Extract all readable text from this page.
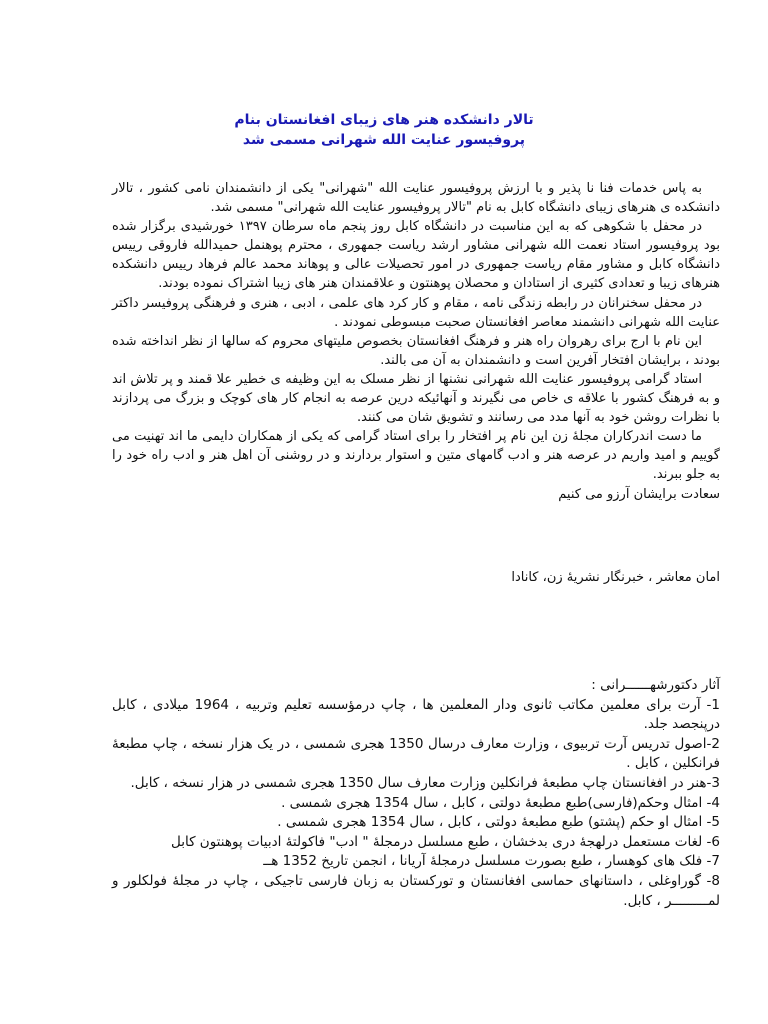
تالار دانشکده هنر های زیبای افغانستان بنام
پروفیسور عنایت الله شهرانی مسمی شد

به پاس خدمات فنا نا پذیر و با ارزش پروفیسور عنایت الله "شهرانی" یکی از دانشمندان نامی کشور ، تالار دانشکده ی هنرهای زیبای دانشگاه کابل به نام "تالار پروفیسور عنایت الله شهرانی" مسمی شد.

در محفل با شکوهی که به این مناسبت در دانشگاه کابل روز پنجم ماه سرطان ۱۳۹۷ خورشیدی برگزار شده بود پروفیسور استاد نعمت الله شهرانی مشاور ارشد ریاست جمهوری ، محترم پوهنمل حمیدالله فاروقی رییس دانشگاه کابل و مشاور مقام ریاست جمهوری در امور تحصیلات عالی و پوهاند محمد عالم فرهاد رییس دانشکده هنرهای زیبا و تعدادی کثیری از استادان و محصلان پوهنتون و علاقمندان هنر های زیبا اشتراک نموده بودند.

در محفل سخنرانان در رابطه زندگی نامه ، مقام و کار کرد های علمی ، ادبی ، هنری و فرهنگی پروفیسر داکتر عنایت الله شهرانی دانشمند معاصر افغانستان صحبت مبسوطی نمودند .

این نام با ارج برای رهروان راه هنر و فرهنگ افغانستان بخصوص ملیتهای محروم که سالها از نظر انداخته شده بودند ، برایشان افتخار آفرین است و دانشمندان به آن می بالند.

استاد گرامی پروفیسور عنایت الله شهرانی نشنها از نظر مسلک به این وظیفه ی خطیر علا قمند و پر تلاش اند و به فرهنگ کشور با علاقه ی خاص می نگیرند و آنهائیکه درین عرصه به انجام کار های کوچک و بزرگ می پردازند با نظرات روشن خود به آنها مدد می رسانند و تشویق شان می کنند.

ما دست اندرکاران مجلهٔ زن این نام پر افتخار را برای استاد گرامی که یکی از همکاران دایمی ما اند تهنیت می گوییم و امید واریم در عرصه هنر و ادب گامهای متین و استوار بردارند و در روشنی آن اهل هنر و ادب راه خود را به جلو ببرند.

سعادت برایشان آرزو می کنیم

امان معاشر ، خبرنگار نشریهٔ زن، کانادا

آثار دکتورشهــــــرانی :

1- آرت برای معلمین مکاتب ثانوی ودار المعلمین ها ، چاپ درمؤسسه تعلیم وتربیه ، 1964 میلادی ، کابل درپنجصد جلد.
2-اصول تدریس آرت تربیوی ، وزارت معارف درسال 1350 هجری شمسی ، در یک هزار نسخه ، چاپ مطبعهٔ فرانکلین ، کابل .
3-هنر در افغانستان چاپ مطبعهٔ فرانکلین وزارت معارف سال 1350 هجری شمسی در هزار نسخه ، کابل.
4- امثال وحکم(فارسی)طبع مطبعهٔ دولتی ، کابل ، سال 1354 هجری شمسی .
5- امثال او حکم (پشتو) طبع مطبعهٔ دولتی ، کابل ، سال 1354 هجری شمسی .
6- لغات مستعمل درلهجهٔ دری بدخشان ، طبع مسلسل درمجلهٔ " ادب" فاکولتهٔ ادبیات پوهنتون کابل
7- فلک های کوهسار ، طبع بصورت مسلسل درمجلهٔ آریانا ، انجمن تاریخ 1352 هــ
8- گوراوغلی ، داستانهای حماسی افغانستان و تورکستان به زبان فارسی تاجیکی ، چاپ در مجلهٔ فولکلور و لمـــــــــر ، کابل.
